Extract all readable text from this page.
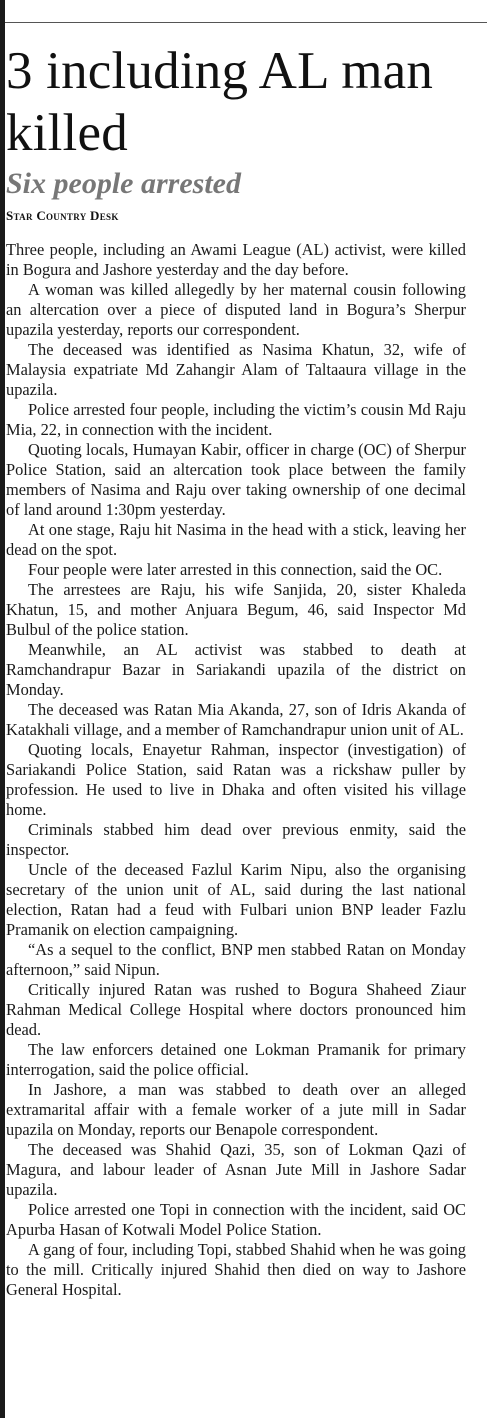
3 including AL man killed
Six people arrested
Star Country Desk

Three people, including an Awami League (AL) activist, were killed in Bogura and Jashore yesterday and the day before.

A woman was killed allegedly by her maternal cousin following an altercation over a piece of disputed land in Bogura’s Sherpur upazila yesterday, reports our correspondent.

The deceased was identified as Nasima Khatun, 32, wife of Malaysia expatriate Md Zahangir Alam of Taltaaura village in the upazila.

Police arrested four people, including the victim’s cousin Md Raju Mia, 22, in connection with the incident.

Quoting locals, Humayan Kabir, officer in charge (OC) of Sherpur Police Station, said an altercation took place between the family members of Nasima and Raju over taking ownership of one decimal of land around 1:30pm yesterday.

At one stage, Raju hit Nasima in the head with a stick, leaving her dead on the spot.

Four people were later arrested in this connection, said the OC.

The arrestees are Raju, his wife Sanjida, 20, sister Khaleda Khatun, 15, and mother Anjuara Begum, 46, said Inspector Md Bulbul of the police station.

Meanwhile, an AL activist was stabbed to death at Ramchandrapur Bazar in Sariakandi upazila of the district on Monday.

The deceased was Ratan Mia Akanda, 27, son of Idris Akanda of Katakhali village, and a member of Ramchandrapur union unit of AL.

Quoting locals, Enayetur Rahman, inspector (investigation) of Sariakandi Police Station, said Ratan was a rickshaw puller by profession. He used to live in Dhaka and often visited his village home.

Criminals stabbed him dead over previous enmity, said the inspector.

Uncle of the deceased Fazlul Karim Nipu, also the organising secretary of the union unit of AL, said during the last national election, Ratan had a feud with Fulbari union BNP leader Fazlu Pramanik on election campaigning.

“As a sequel to the conflict, BNP men stabbed Ratan on Monday afternoon,” said Nipun.

Critically injured Ratan was rushed to Bogura Shaheed Ziaur Rahman Medical College Hospital where doctors pronounced him dead.

The law enforcers detained one Lokman Pramanik for primary interrogation, said the police official.

In Jashore, a man was stabbed to death over an alleged extramarital affair with a female worker of a jute mill in Sadar upazila on Monday, reports our Benapole correspondent.

The deceased was Shahid Qazi, 35, son of Lokman Qazi of Magura, and labour leader of Asnan Jute Mill in Jashore Sadar upazila.

Police arrested one Topi in connection with the incident, said OC Apurba Hasan of Kotwali Model Police Station.

A gang of four, including Topi, stabbed Shahid when he was going to the mill. Critically injured Shahid then died on way to Jashore General Hospital.
